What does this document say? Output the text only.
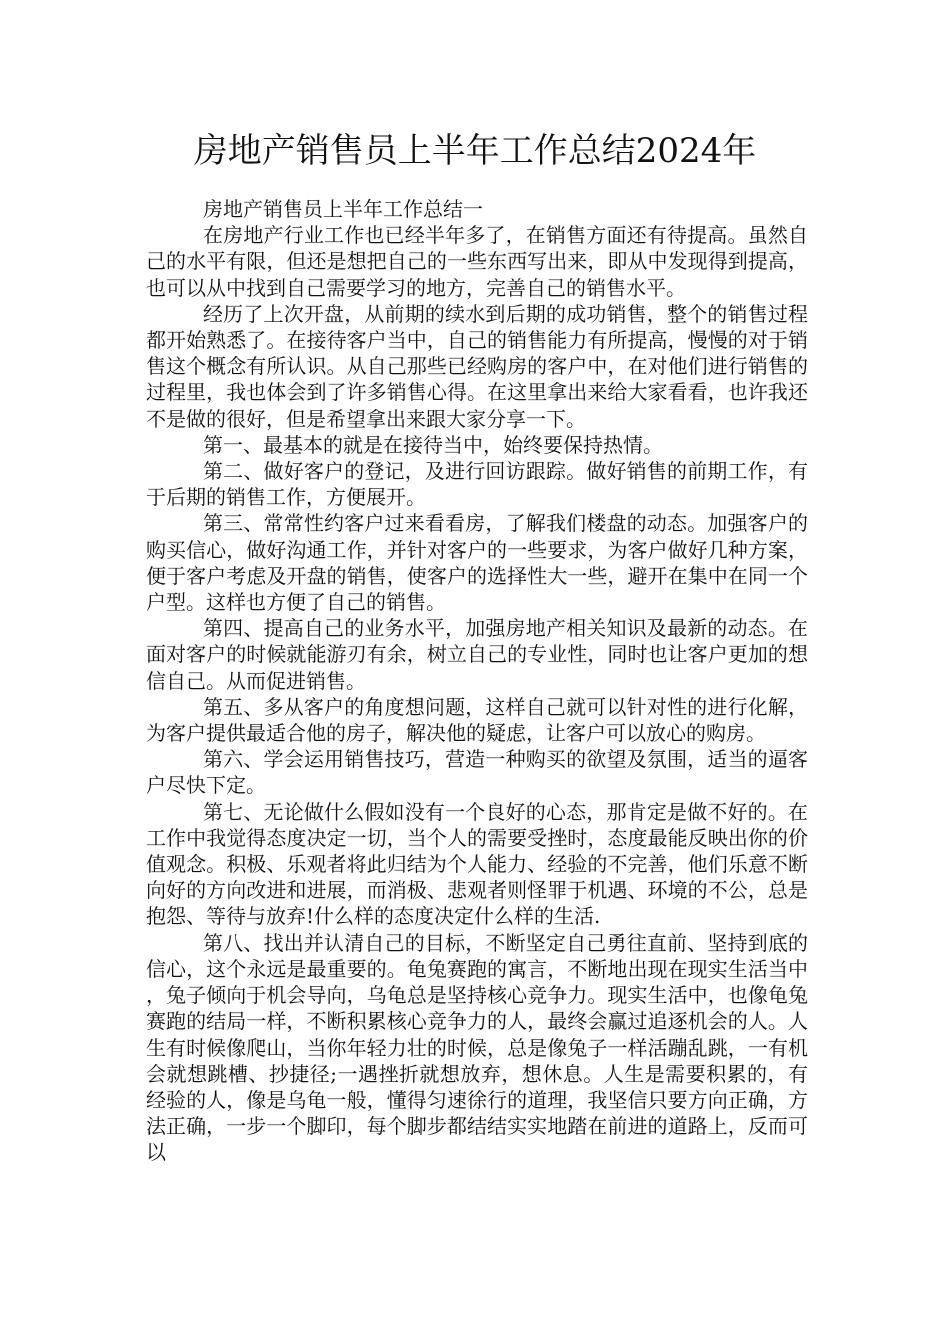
房地产销售员上半年工作总结2024年

房地产销售员上半年工作总结一

在房地产行业工作也已经半年多了，在销售方面还有待提高。虽然自己的水平有限，但还是想把自己的一些东西写出来，即从中发现得到提高，也可以从中找到自己需要学习的地方，完善自己的销售水平。

经历了上次开盘，从前期的续水到后期的成功销售，整个的销售过程都开始熟悉了。在接待客户当中，自己的销售能力有所提高，慢慢的对于销售这个概念有所认识。从自己那些已经购房的客户中，在对他们进行销售的过程里，我也体会到了许多销售心得。在这里拿出来给大家看看，也许我还不是做的很好，但是希望拿出来跟大家分享一下。

第一、最基本的就是在接待当中，始终要保持热情。

第二、做好客户的登记，及进行回访跟踪。做好销售的前期工作，有于后期的销售工作，方便展开。

第三、常常性约客户过来看看房，了解我们楼盘的动态。加强客户的购买信心，做好沟通工作，并针对客户的一些要求，为客户做好几种方案，便于客户考虑及开盘的销售，使客户的选择性大一些，避开在集中在同一个户型。这样也方便了自己的销售。

第四、提高自己的业务水平，加强房地产相关知识及最新的动态。在面对客户的时候就能游刃有余，树立自己的专业性，同时也让客户更加的想信自己。从而促进销售。

第五、多从客户的角度想问题，这样自己就可以针对性的进行化解，为客户提供最适合他的房子，解决他的疑虑，让客户可以放心的购房。

第六、学会运用销售技巧，营造一种购买的欲望及氛围，适当的逼客户尽快下定。

第七、无论做什么假如没有一个良好的心态，那肯定是做不好的。在工作中我觉得态度决定一切，当个人的需要受挫时，态度最能反映出你的价值观念。积极、乐观者将此归结为个人能力、经验的不完善，他们乐意不断向好的方向改进和进展，而消极、悲观者则怪罪于机遇、环境的不公，总是抱怨、等待与放弃!什么样的态度决定什么样的生活.

第八、找出并认清自己的目标，不断坚定自己勇往直前、坚持到底的信心，这个永远是最重要的。龟兔赛跑的寓言，不断地出现在现实生活当中，兔子倾向于机会导向，乌龟总是坚持核心竞争力。现实生活中，也像龟兔赛跑的结局一样，不断积累核心竞争力的人，最终会赢过追逐机会的人。人生有时候像爬山，当你年轻力壮的时候，总是像兔子一样活蹦乱跳，一有机会就想跳槽、抄捷径;一遇挫折就想放弃，想休息。人生是需要积累的，有经验的人，像是乌龟一般，懂得匀速徐行的道理，我坚信只要方向正确，方法正确，一步一个脚印，每个脚步都结结实实地踏在前进的道路上，反而可以
